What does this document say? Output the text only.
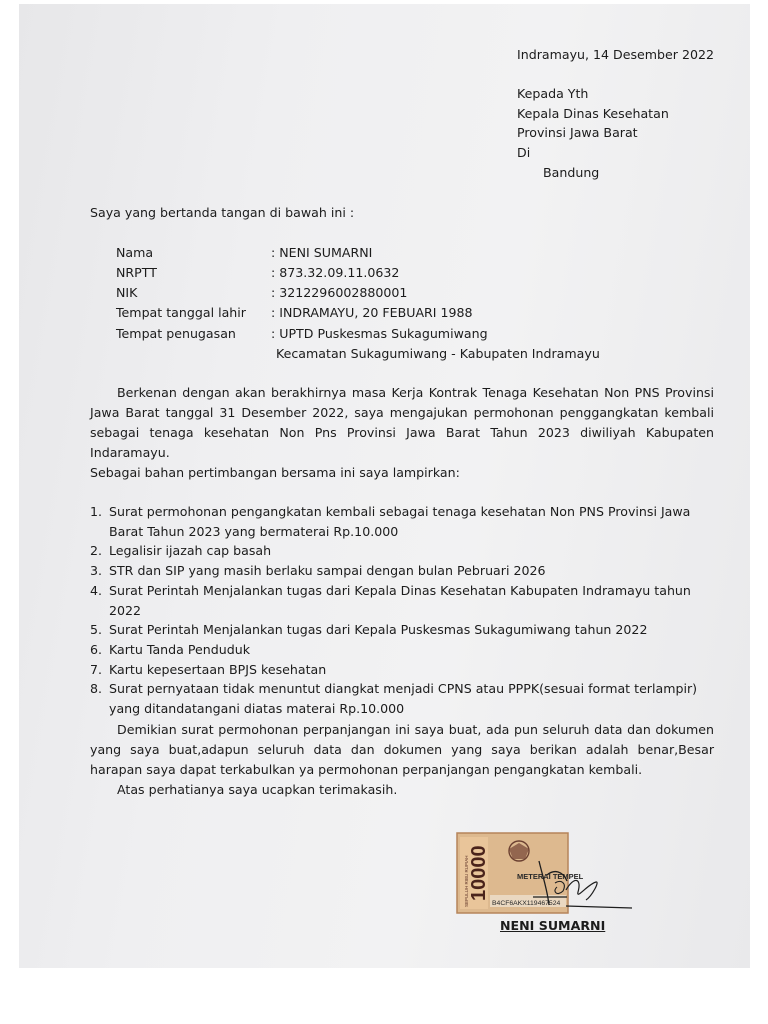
Indramayu, 14 Desember 2022
Kepada Yth
Kepala Dinas Kesehatan
Provinsi Jawa Barat
Di
Bandung
Saya yang bertanda tangan di bawah ini :
Nama	: NENI SUMARNI
NRPTT	: 873.32.09.11.0632
NIK	: 3212296002880001
Tempat tanggal lahir : INDRAMAYU, 20 FEBUARI 1988
Tempat penugasan	: UPTD Puskesmas Sukagumiwang
Kecamatan Sukagumiwang - Kabupaten Indramayu
Berkenan dengan akan berakhirnya masa Kerja Kontrak Tenaga Kesehatan Non PNS Provinsi Jawa Barat tanggal 31 Desember 2022, saya mengajukan permohonan penggangkatan kembali sebagai tenaga kesehatan Non Pns Provinsi Jawa Barat Tahun 2023 diwiliyah Kabupaten Indaramayu.
Sebagai bahan pertimbangan bersama ini saya lampirkan:
1. Surat permohonan pengangkatan kembali sebagai tenaga kesehatan Non PNS Provinsi Jawa Barat Tahun 2023 yang bermaterai Rp.10.000
2. Legalisir ijazah cap basah
3. STR dan SIP yang masih berlaku sampai dengan bulan Pebruari 2026
4. Surat Perintah Menjalankan tugas dari Kepala Dinas Kesehatan Kabupaten Indramayu tahun 2022
5. Surat Perintah Menjalankan tugas dari Kepala Puskesmas Sukagumiwang tahun 2022
6. Kartu Tanda Penduduk
7. Kartu kepesertaan BPJS kesehatan
8. Surat pernyataan tidak menuntut diangkat menjadi CPNS atau PPPK(sesuai format terlampir) yang ditandatangani diatas materai Rp.10.000
Demikian surat permohonan perpanjangan ini saya buat, ada pun seluruh data dan dokumen yang saya buat,adapun seluruh data dan dokumen yang saya berikan adalah benar,Besar harapan saya dapat terkabulkan ya permohonan perpanjangan pengangkatan kembali.
Atas perhatianya saya ucapkan terimakasih.
SEPULUH RIBU RUPIAH 10000	METERAI TEMPEL
B4CF6AKX119467524
NENI SUMARNI
